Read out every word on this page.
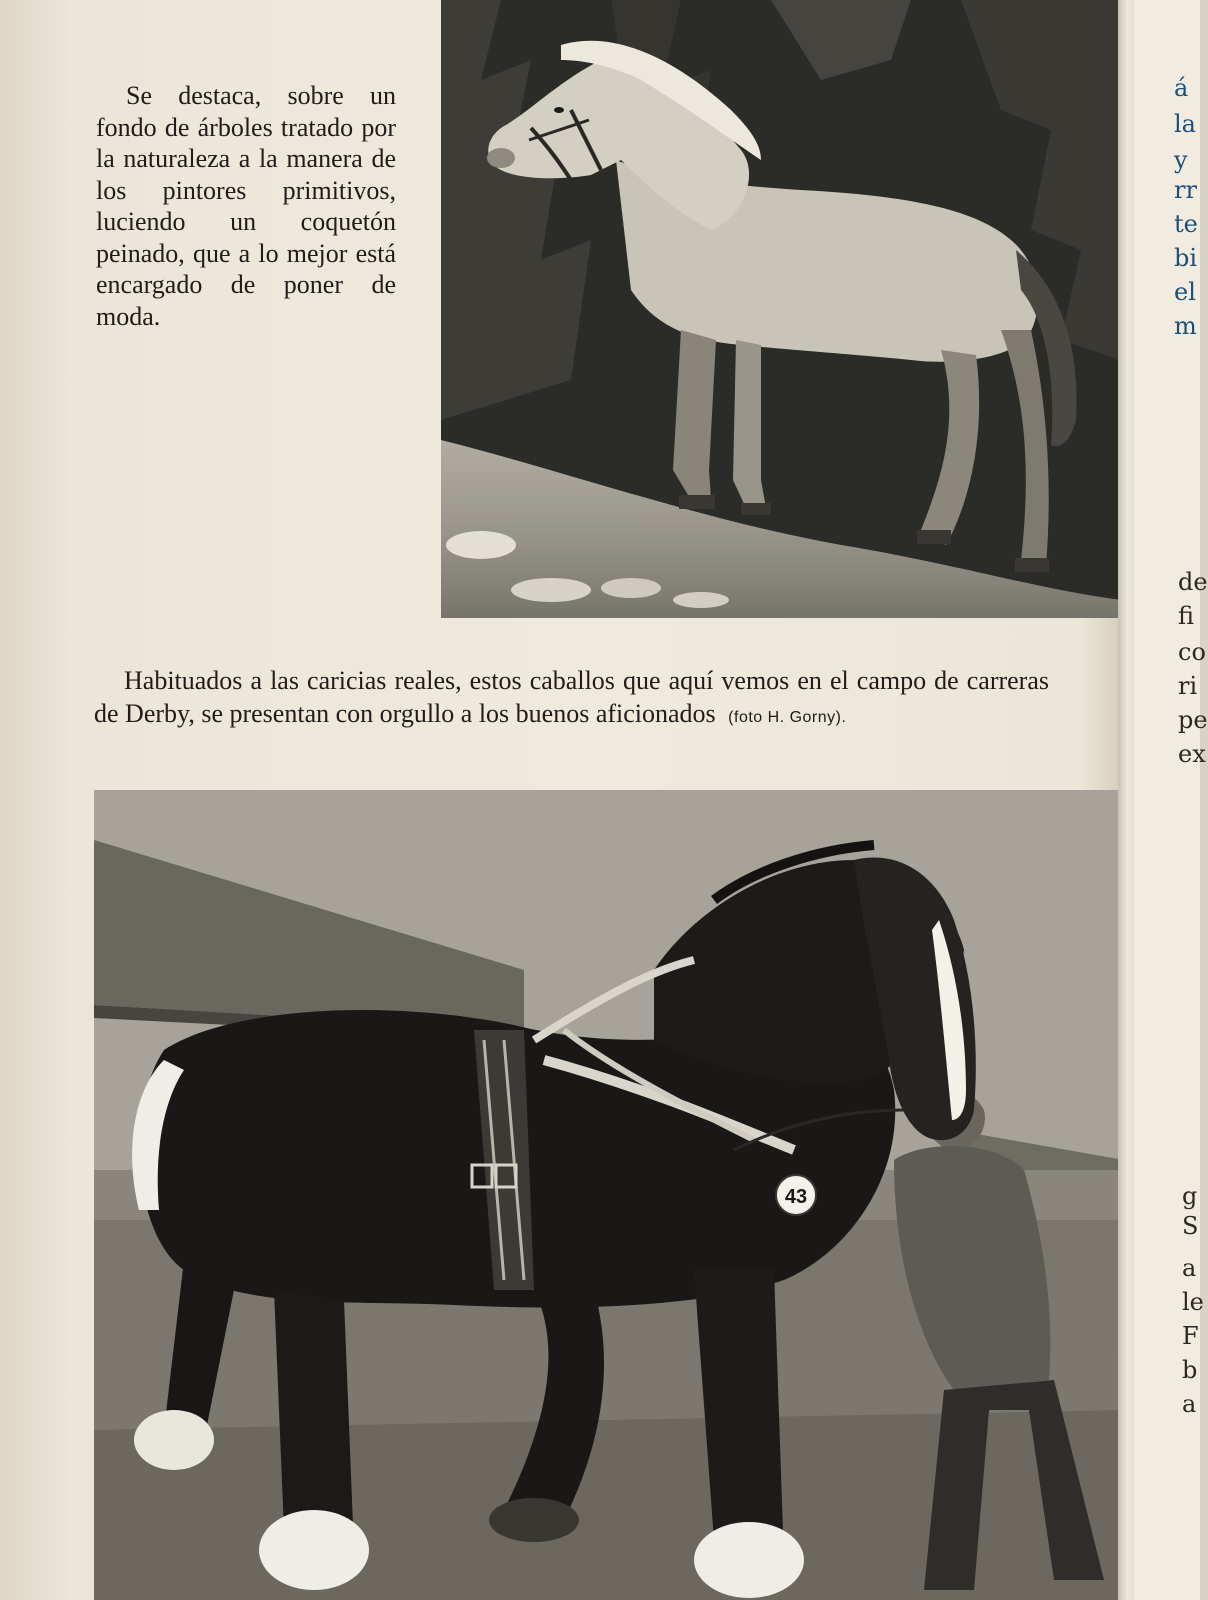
Se destaca, sobre un fondo de árboles tratado por la naturaleza a la manera de los pintores primitivos, luciendo un coquetón peinado, que a lo mejor está encargado de poner de moda.
Habituados a las caricias reales, estos caballos que aquí vemos en el campo de carreras de Derby, se presentan con orgullo a los buenos aficionados (foto H. Gorny).
43
á
la
y
rr
te
bi
el
m
de
fi
co
ri
pe
ex
g
S
a
le
F
b
a
